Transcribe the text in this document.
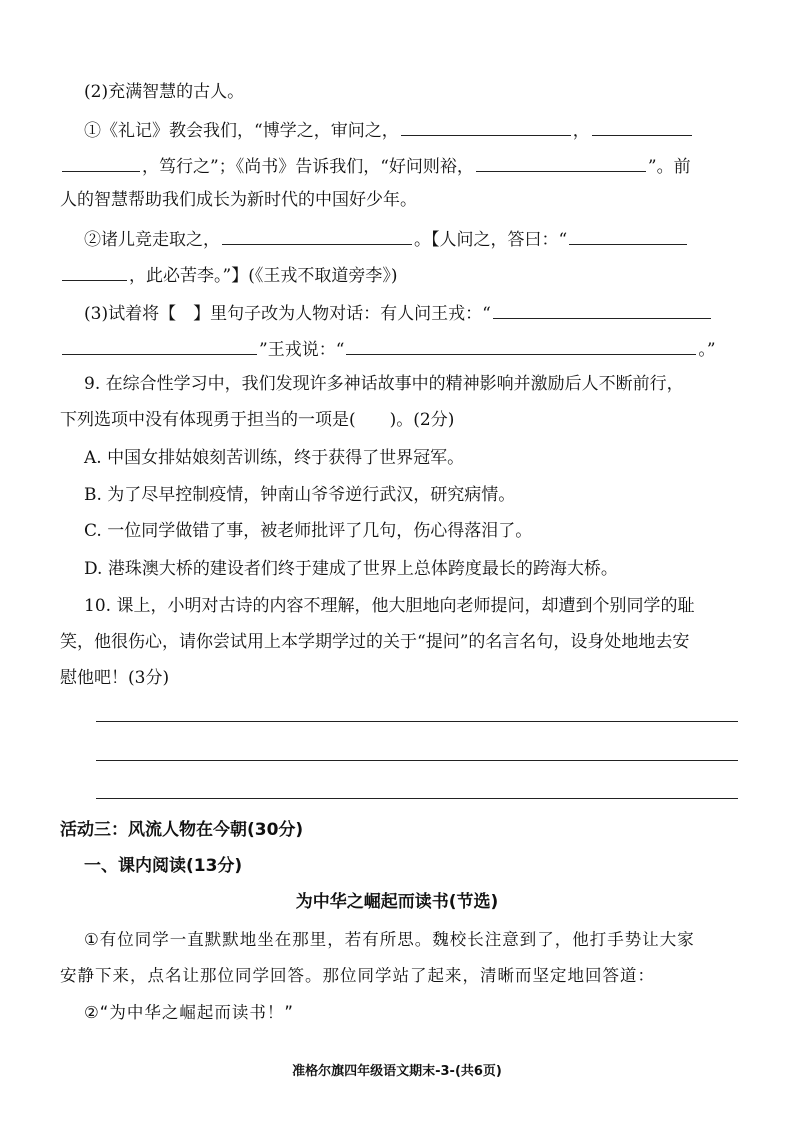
(2)充满智慧的古人。
①《礼记》教会我们，“博学之，审问之，	，
，笃行之”；《尚书》告诉我们，“好问则裕，	”。前
人的智慧帮助我们成长为新时代的中国好少年。
②诸儿竞走取之，	。【人问之，答曰：“
，此必苦李。”】(《王戎不取道旁李》)
(3)试着将【　】里句子改为人物对话：有人问王戎：“
”王戎说：“	。”
9. 在综合性学习中，我们发现许多神话故事中的精神影响并激励后人不断前行，
下列选项中没有体现勇于担当的一项是(　　)。(2分)
A. 中国女排姑娘刻苦训练，终于获得了世界冠军。
B. 为了尽早控制疫情，钟南山爷爷逆行武汉，研究病情。
C. 一位同学做错了事，被老师批评了几句，伤心得落泪了。
D. 港珠澳大桥的建设者们终于建成了世界上总体跨度最长的跨海大桥。
10. 课上，小明对古诗的内容不理解，他大胆地向老师提问，却遭到个别同学的耻
笑，他很伤心，请你尝试用上本学期学过的关于“提问”的名言名句，设身处地地去安
慰他吧！(3分)
活动三：风流人物在今朝(30分)
一、课内阅读(13分)
为中华之崛起而读书(节选)
①有位同学一直默默地坐在那里，若有所思。魏校长注意到了，他打手势让大家
安静下来，点名让那位同学回答。那位同学站了起来，清晰而坚定地回答道：
②“为中华之崛起而读书！”
准格尔旗四年级语文期末-3-(共6页)
